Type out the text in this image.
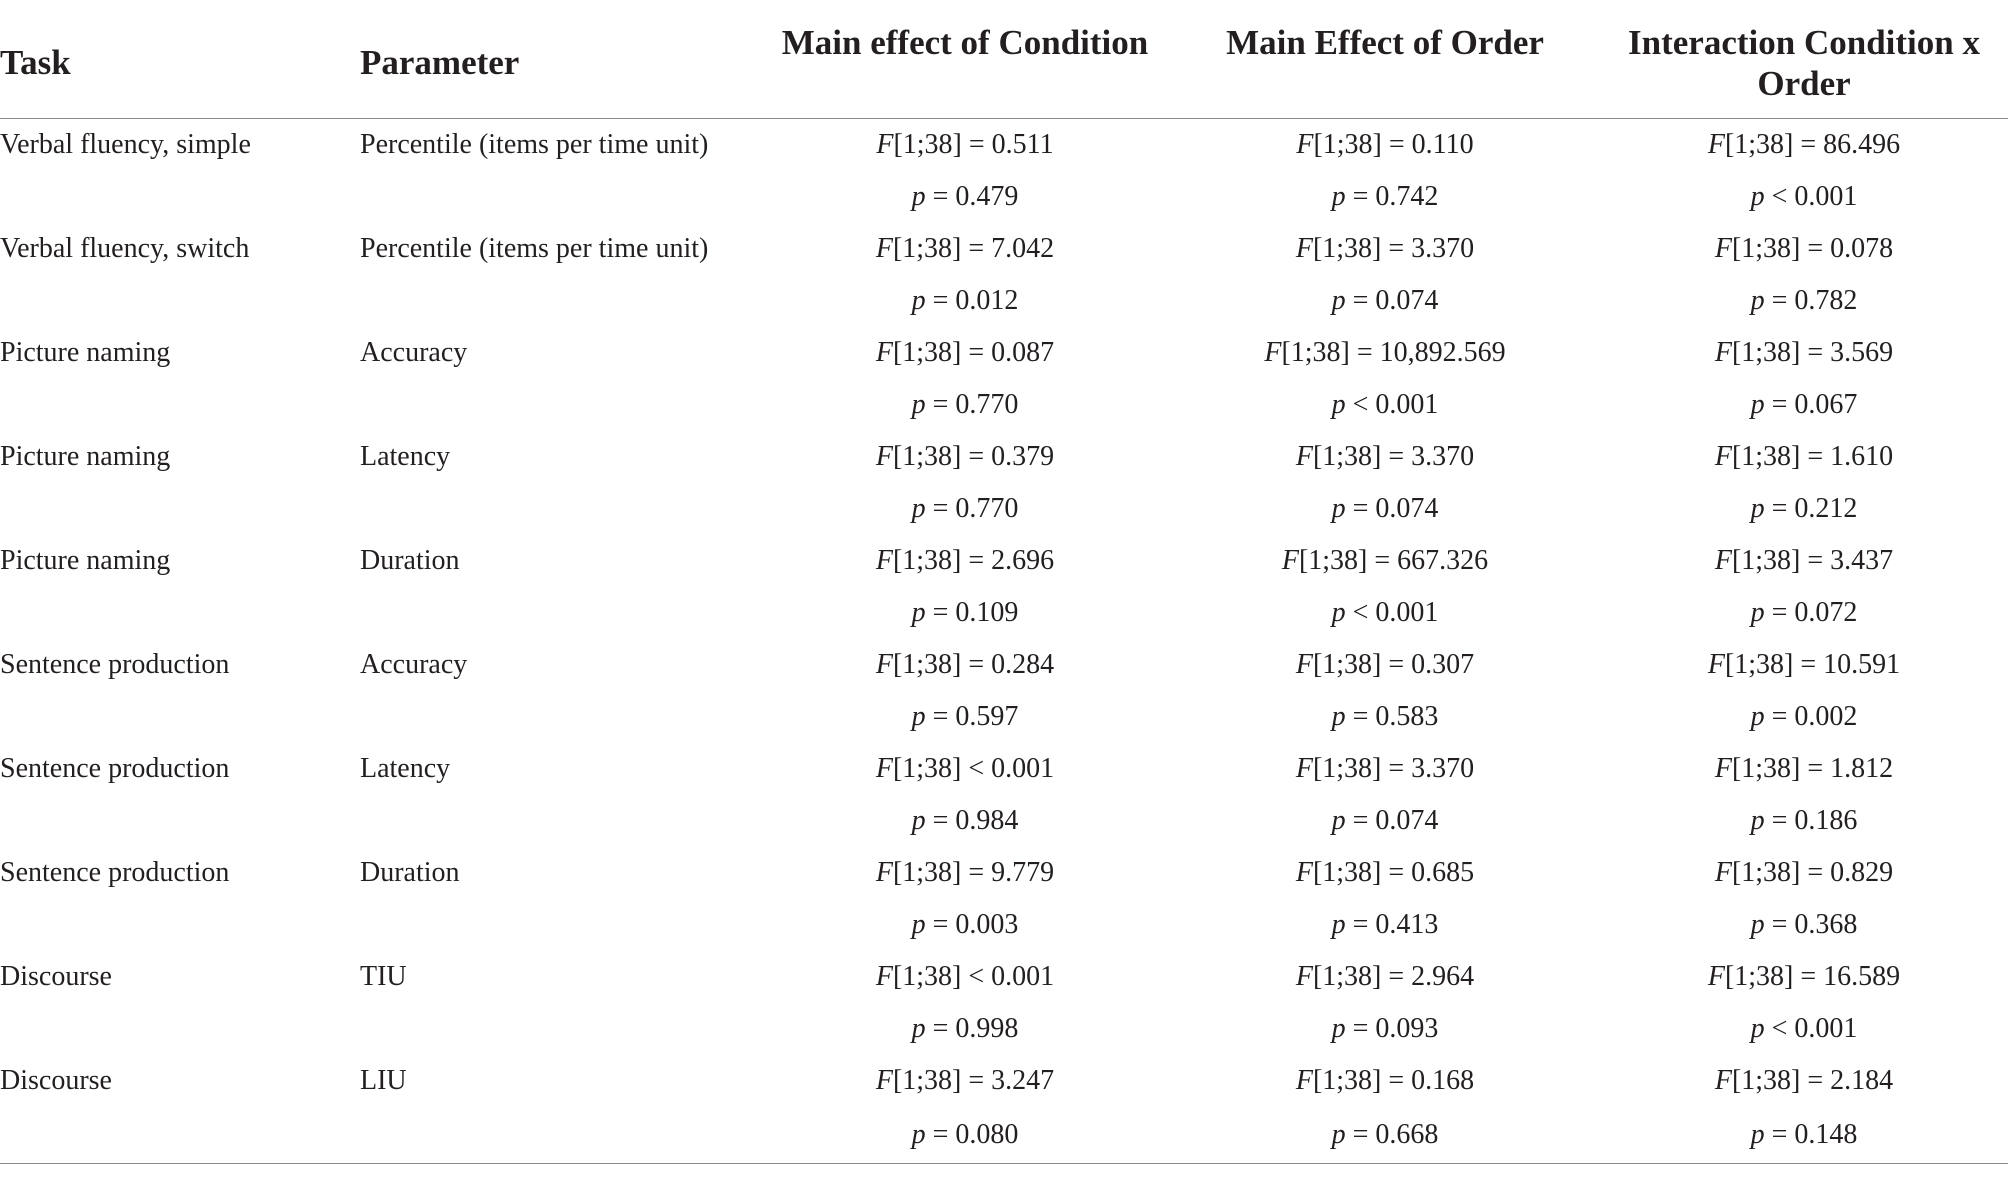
Task	Parameter	Main effect of Condition	Main Effect of Order	Interaction Condition x Order
Verbal fluency, simple	Percentile (items per time unit)	F[1;38] = 0.511	F[1;38] = 0.110	F[1;38] = 86.496
		p = 0.479	p = 0.742	p < 0.001
Verbal fluency, switch	Percentile (items per time unit)	F[1;38] = 7.042	F[1;38] = 3.370	F[1;38] = 0.078
		p = 0.012	p = 0.074	p = 0.782
Picture naming	Accuracy	F[1;38] = 0.087	F[1;38] = 10,892.569	F[1;38] = 3.569
		p = 0.770	p < 0.001	p = 0.067
Picture naming	Latency	F[1;38] = 0.379	F[1;38] = 3.370	F[1;38] = 1.610
		p = 0.770	p = 0.074	p = 0.212
Picture naming	Duration	F[1;38] = 2.696	F[1;38] = 667.326	F[1;38] = 3.437
		p = 0.109	p < 0.001	p = 0.072
Sentence production	Accuracy	F[1;38] = 0.284	F[1;38] = 0.307	F[1;38] = 10.591
		p = 0.597	p = 0.583	p = 0.002
Sentence production	Latency	F[1;38] < 0.001	F[1;38] = 3.370	F[1;38] = 1.812
		p = 0.984	p = 0.074	p = 0.186
Sentence production	Duration	F[1;38] = 9.779	F[1;38] = 0.685	F[1;38] = 0.829
		p = 0.003	p = 0.413	p = 0.368
Discourse	TIU	F[1;38] < 0.001	F[1;38] = 2.964	F[1;38] = 16.589
		p = 0.998	p = 0.093	p < 0.001
Discourse	LIU	F[1;38] = 3.247	F[1;38] = 0.168	F[1;38] = 2.184
		p = 0.080	p = 0.668	p = 0.148
